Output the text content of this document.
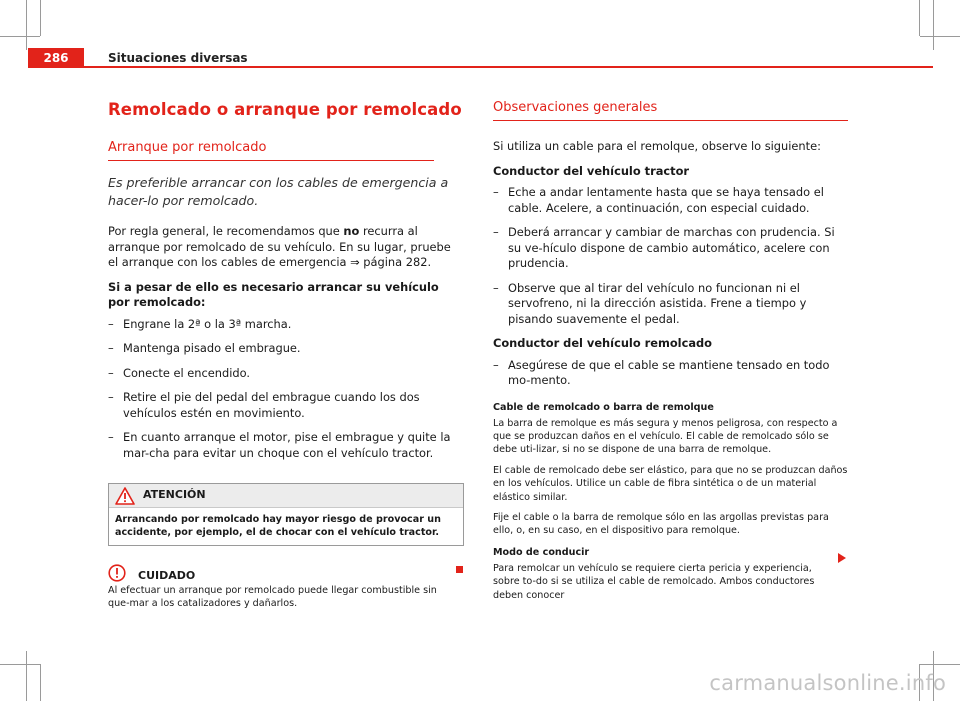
286	Situaciones diversas
Remolcado o arranque por remolcado
Arranque por remolcado
Es preferible arrancar con los cables de emergencia a hacer-lo por remolcado.

Por regla general, le recomendamos que no recurra al arranque por remolcado de su vehículo. En su lugar, pruebe el arranque con los cables de emergencia ⇒ página 282.

Si a pesar de ello es necesario arrancar su vehículo por remolcado:

– Engrane la 2ª o la 3ª marcha.
– Mantenga pisado el embrague.
– Conecte el encendido.
– Retire el pie del pedal del embrague cuando los dos vehículos estén en movimiento.
– En cuanto arranque el motor, pise el embrague y quite la mar-cha para evitar un choque con el vehículo tractor.
ATENCIÓN
Arrancando por remolcado hay mayor riesgo de provocar un accidente, por ejemplo, el de chocar con el vehículo tractor.
CUIDADO
Al efectuar un arranque por remolcado puede llegar combustible sin que-mar a los catalizadores y dañarlos.
Observaciones generales

Si utiliza un cable para el remolque, observe lo siguiente:

Conductor del vehículo tractor

– Eche a andar lentamente hasta que se haya tensado el cable. Acelere, a continuación, con especial cuidado.
– Deberá arrancar y cambiar de marchas con prudencia. Si su ve-hículo dispone de cambio automático, acelere con prudencia.
– Observe que al tirar del vehículo no funcionan ni el servofreno, ni la dirección asistida. Frene a tiempo y pisando suavemente el pedal.

Conductor del vehículo remolcado

– Asegúrese de que el cable se mantiene tensado en todo mo-mento.
Cable de remolcado o barra de remolque
La barra de remolque es más segura y menos peligrosa, con respecto a que se produzcan daños en el vehículo. El cable de remolcado sólo se debe uti-lizar, si no se dispone de una barra de remolque.
El cable de remolcado debe ser elástico, para que no se produzcan daños en los vehículos. Utilice un cable de fibra sintética o de un material elástico similar.
Fije el cable o la barra de remolque sólo en las argollas previstas para ello, o, en su caso, en el dispositivo para remolque.
Modo de conducir
Para remolcar un vehículo se requiere cierta pericia y experiencia, sobre to-do si se utiliza el cable de remolcado. Ambos conductores deben conocer
carmanualsonline.info
